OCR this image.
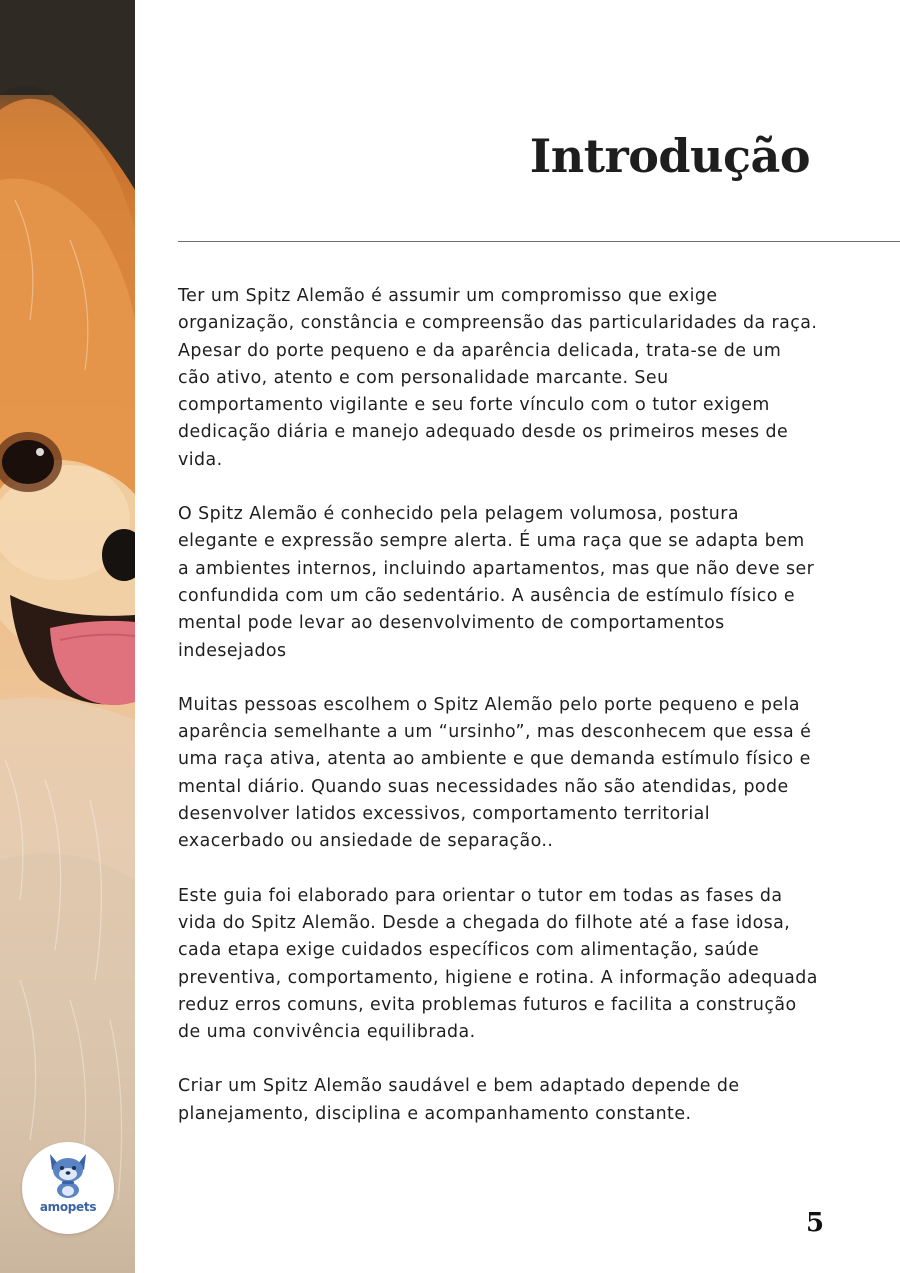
amopets
Introdução

Ter um Spitz Alemão é assumir um compromisso que exige organização, constância e compreensão das particularidades da raça. Apesar do porte pequeno e da aparência delicada, trata-se de um cão ativo, atento e com personalidade marcante. Seu comportamento vigilante e seu forte vínculo com o tutor exigem dedicação diária e manejo adequado desde os primeiros meses de vida.

O Spitz Alemão é conhecido pela pelagem volumosa, postura elegante e expressão sempre alerta. É uma raça que se adapta bem a ambientes internos, incluindo apartamentos, mas que não deve ser confundida com um cão sedentário. A ausência de estímulo físico e mental pode levar ao desenvolvimento de comportamentos indesejados

Muitas pessoas escolhem o Spitz Alemão pelo porte pequeno e pela aparência semelhante a um “ursinho”, mas desconhecem que essa é uma raça ativa, atenta ao ambiente e que demanda estímulo físico e mental diário. Quando suas necessidades não são atendidas, pode desenvolver latidos excessivos, comportamento territorial exacerbado ou ansiedade de separação..

Este guia foi elaborado para orientar o tutor em todas as fases da vida do Spitz Alemão. Desde a chegada do filhote até a fase idosa, cada etapa exige cuidados específicos com alimentação, saúde preventiva, comportamento, higiene e rotina. A informação adequada reduz erros comuns, evita problemas futuros e facilita a construção de uma convivência equilibrada.

Criar um Spitz Alemão saudável e bem adaptado depende de planejamento, disciplina e acompanhamento constante.

5
